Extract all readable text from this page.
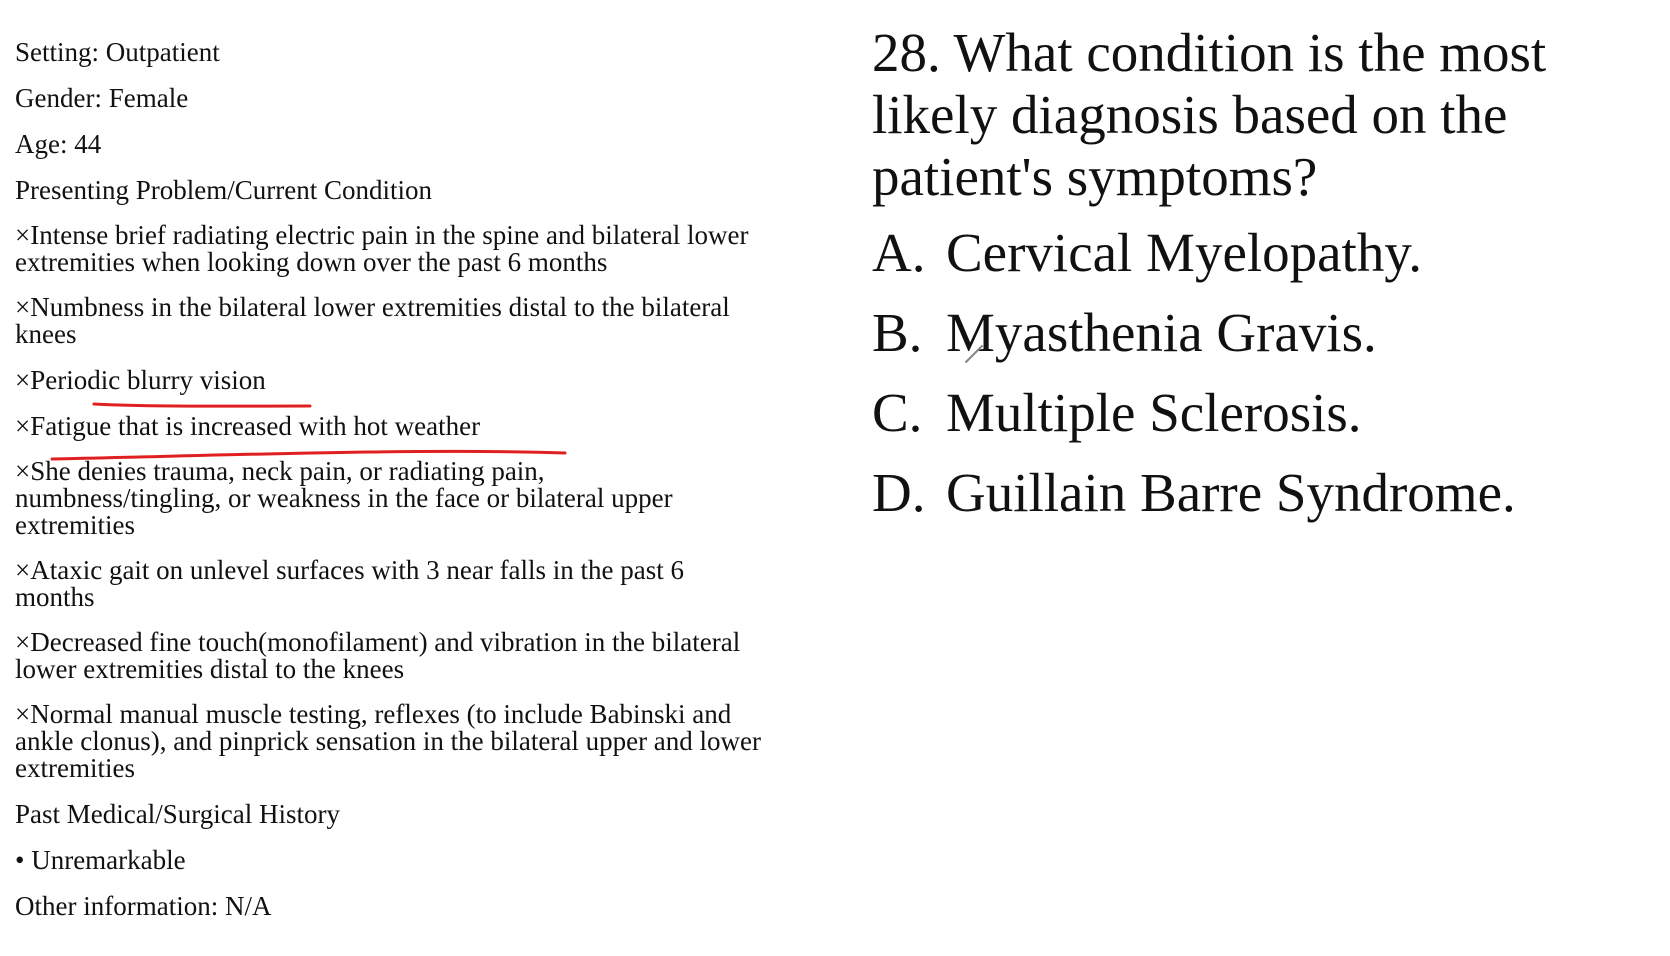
Setting: Outpatient

Gender: Female

Age: 44

Presenting Problem/Current Condition

×Intense brief radiating electric pain in the spine and bilateral lower extremities when looking down over the past 6 months

×Numbness in the bilateral lower extremities distal to the bilateral knees

×Periodic blurry vision

×Fatigue that is increased with hot weather

×She denies trauma, neck pain, or radiating pain, numbness/tingling, or weakness in the face or bilateral upper extremities

×Ataxic gait on unlevel surfaces with 3 near falls in the past 6 months

×Decreased fine touch(monofilament) and vibration in the bilateral lower extremities distal to the knees

×Normal manual muscle testing, reflexes (to include Babinski and ankle clonus), and pinprick sensation in the bilateral upper and lower extremities

Past Medical/Surgical History

• Unremarkable

Other information: N/A

28. What condition is the most likely diagnosis based on the patient's symptoms?

A. Cervical Myelopathy.
B. Myasthenia Gravis.
C. Multiple Sclerosis.
D. Guillain Barre Syndrome.
